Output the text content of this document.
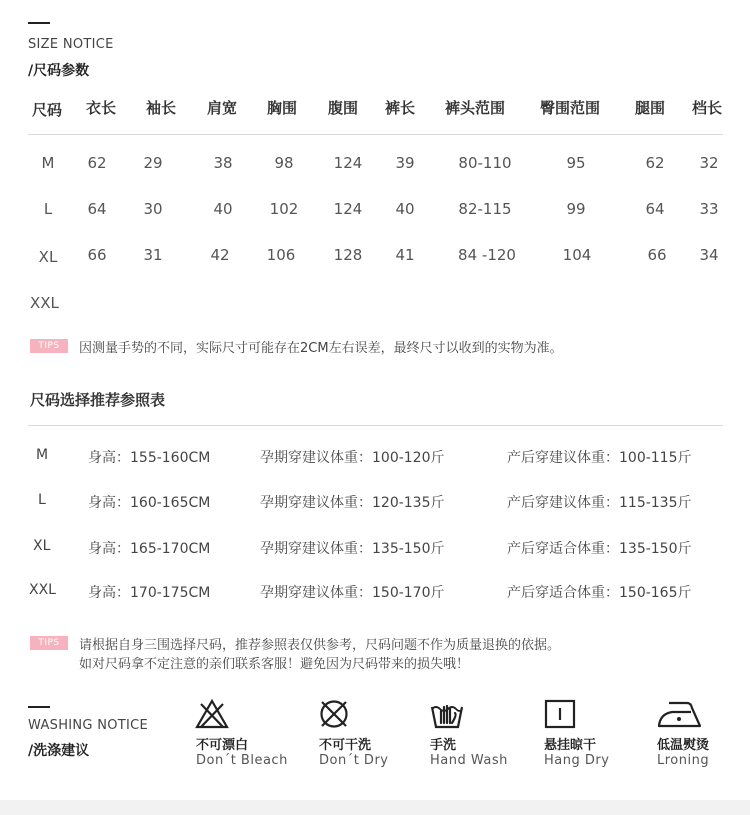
SIZE NOTICE
/尺码参数
尺码 衣长 袖长 肩宽 胸围 腹围 裤长 裤头范围 臀围范围 腿围 档长
M	62	29	38	98	124	39	80-110	95	62	32
L	64	30	40	102	124	40	82-115	99	64	33
XL	66	31	42	106	128	41	84 -120	104	66	34
XXL
TIPS	因测量手势的不同，实际尺寸可能存在2CM左右误差，最终尺寸以收到的实物为准。
尺码选择推荐参照表
M	身高：155-160CM	孕期穿建议体重：100-120斤	产后穿建议体重：100-115斤
L	身高：160-165CM	孕期穿建议体重：120-135斤	产后穿建议体重：115-135斤
XL	身高：165-170CM	孕期穿建议体重：135-150斤	产后穿适合体重：135-150斤
XXL 身高：170-175CM	孕期穿建议体重：150-170斤	产后穿适合体重：150-165斤
TIPS	请根据自身三围选择尺码，推荐参照表仅供参考，尺码问题不作为质量退换的依据。
如对尺码拿不定注意的亲们联系客服！避免因为尺码带来的损失哦！
WASHING NOTICE
/洗涤建议	不可漂白
Don´t Bleach
不可干洗
Don´t Dry
手洗
Hand Wash
悬挂晾干
Hang Dry
低温熨烫
Lroning
